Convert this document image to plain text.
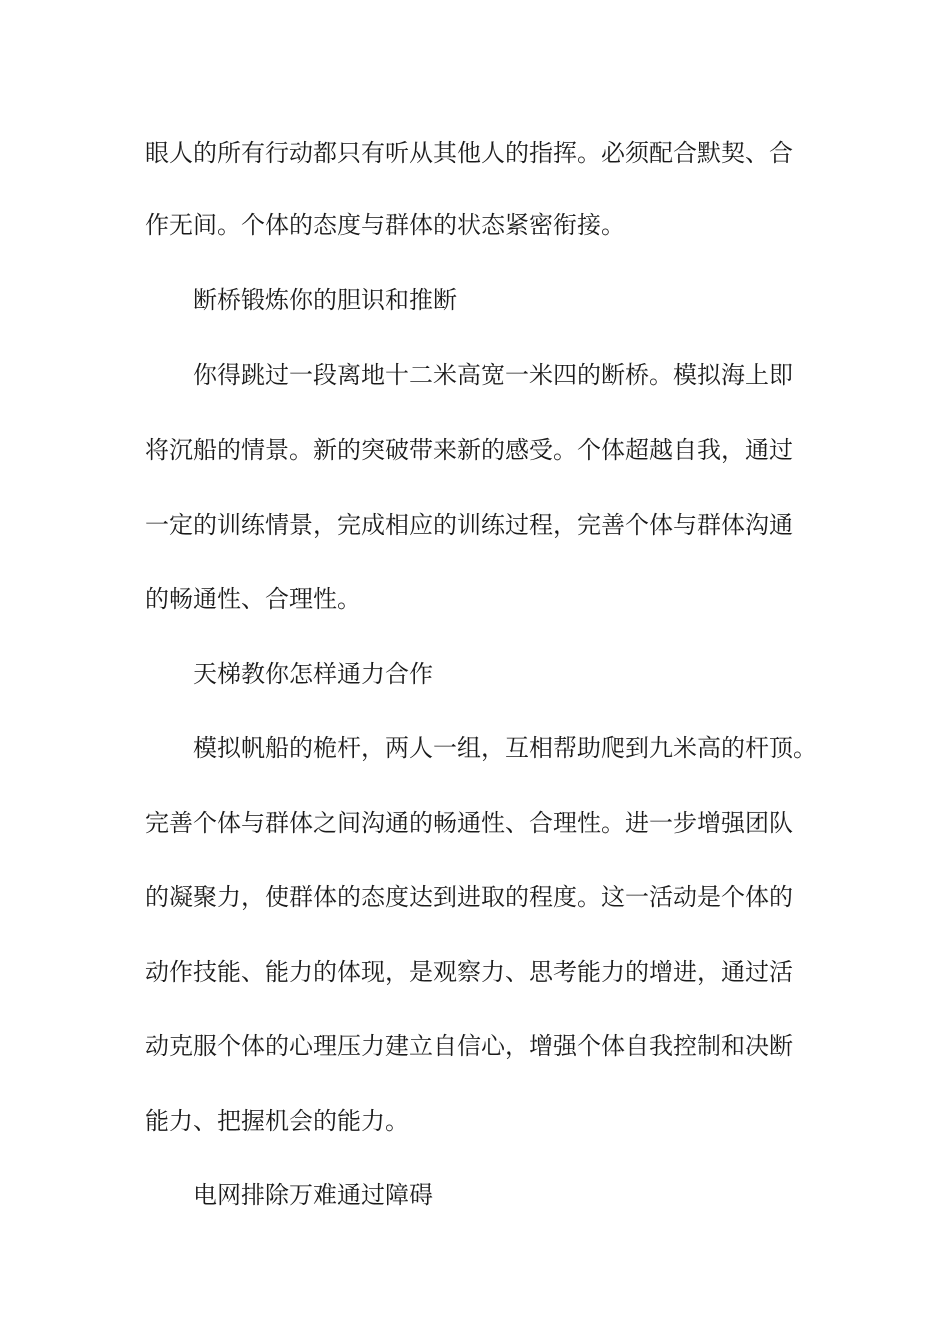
眼人的所有行动都只有听从其他人的指挥。必须配合默契、合
作无间。个体的态度与群体的状态紧密衔接。
断桥锻炼你的胆识和推断
你得跳过一段离地十二米高宽一米四的断桥。模拟海上即
将沉船的情景。新的突破带来新的感受。个体超越自我，通过
一定的训练情景，完成相应的训练过程，完善个体与群体沟通
的畅通性、合理性。
天梯教你怎样通力合作
模拟帆船的桅杆，两人一组，互相帮助爬到九米高的杆顶。
完善个体与群体之间沟通的畅通性、合理性。进一步增强团队
的凝聚力，使群体的态度达到进取的程度。这一活动是个体的
动作技能、能力的体现，是观察力、思考能力的增进，通过活
动克服个体的心理压力建立自信心，增强个体自我控制和决断
能力、把握机会的能力。
电网排除万难通过障碍
